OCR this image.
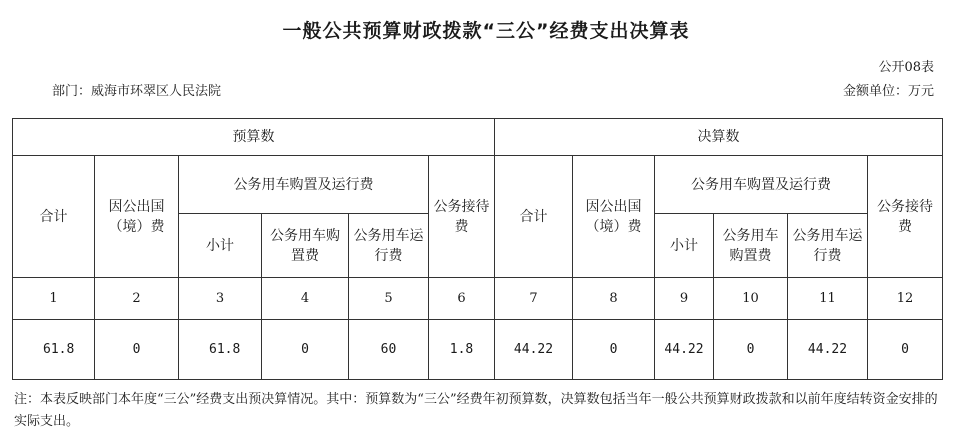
一般公共预算财政拨款“三公”经费支出决算表
公开08表
部门：威海市环翠区人民法院	金额单位：万元
预算数						决算数					
合计	因公出国（境）费	公务用车购置及运行费			公务接待费	合计	因公出国（境）费	公务用车购置及运行费			公务接待费
		小计	公务用车购置费	公务用车运行费				小计	公务用车购置费	公务用车运行费	
1	2	3	4	5	6	7	8	9	10	11	12
61.8	0	61.8	0	60	1.8	44.22	0	44.22	0	44.22	0
注：本表反映部门本年度“三公”经费支出预决算情况。其中：预算数为“三公”经费年初预算数，决算数包括当年一般公共预算财政拨款和以前年度结转资金安排的实际支出。
